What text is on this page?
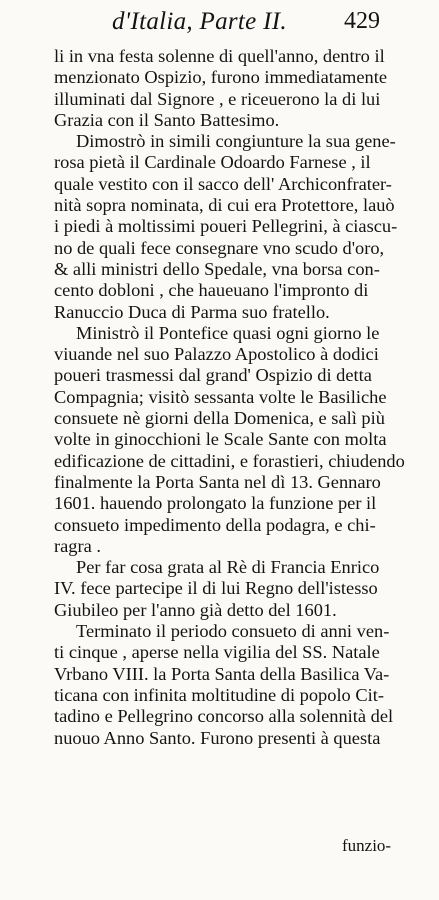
d'Italia, Parte II. 429
li in vna festa solenne di quell'anno, dentro il
menzionato Ospizio, furono immediatamente
illuminati dal Signore , e riceuerono la di lui
Grazia con il Santo Battesimo.
Dimostrò in simili congiunture la sua gene-
rosa pietà il Cardinale Odoardo Farnese , il
quale vestito con il sacco dell' Archiconfrater-
nità sopra nominata, di cui era Protettore, lauò
i piedi à moltissimi poueri Pellegrini, à ciascu-
no de quali fece consegnare vno scudo d'oro,
& alli ministri dello Spedale, vna borsa con-
cento dobloni , che haueuano l'impronto di
Ranuccio Duca di Parma suo fratello.
Ministrò il Pontefice quasi ogni giorno le
viuande nel suo Palazzo Apostolico à dodici
poueri trasmessi dal grand' Ospizio di detta
Compagnia; visitò sessanta volte le Basiliche
consuete nè giorni della Domenica, e salì più
volte in ginocchioni le Scale Sante con molta
edificazione de cittadini, e forastieri, chiudendo
finalmente la Porta Santa nel dì 13. Gennaro
1601. hauendo prolongato la funzione per il
consueto impedimento della podagra, e chi-
ragra .
Per far cosa grata al Rè di Francia Enrico
IV. fece partecipe il di lui Regno dell'istesso
Giubileo per l'anno già detto del 1601.
Terminato il periodo consueto di anni ven-
ti cinque , aperse nella vigilia del SS. Natale
Vrbano VIII. la Porta Santa della Basilica Va-
ticana con infinita moltitudine di popolo Cit-
tadino e Pellegrino concorso alla solennità del
nuouo Anno Santo. Furono presenti à questa
funzio-
